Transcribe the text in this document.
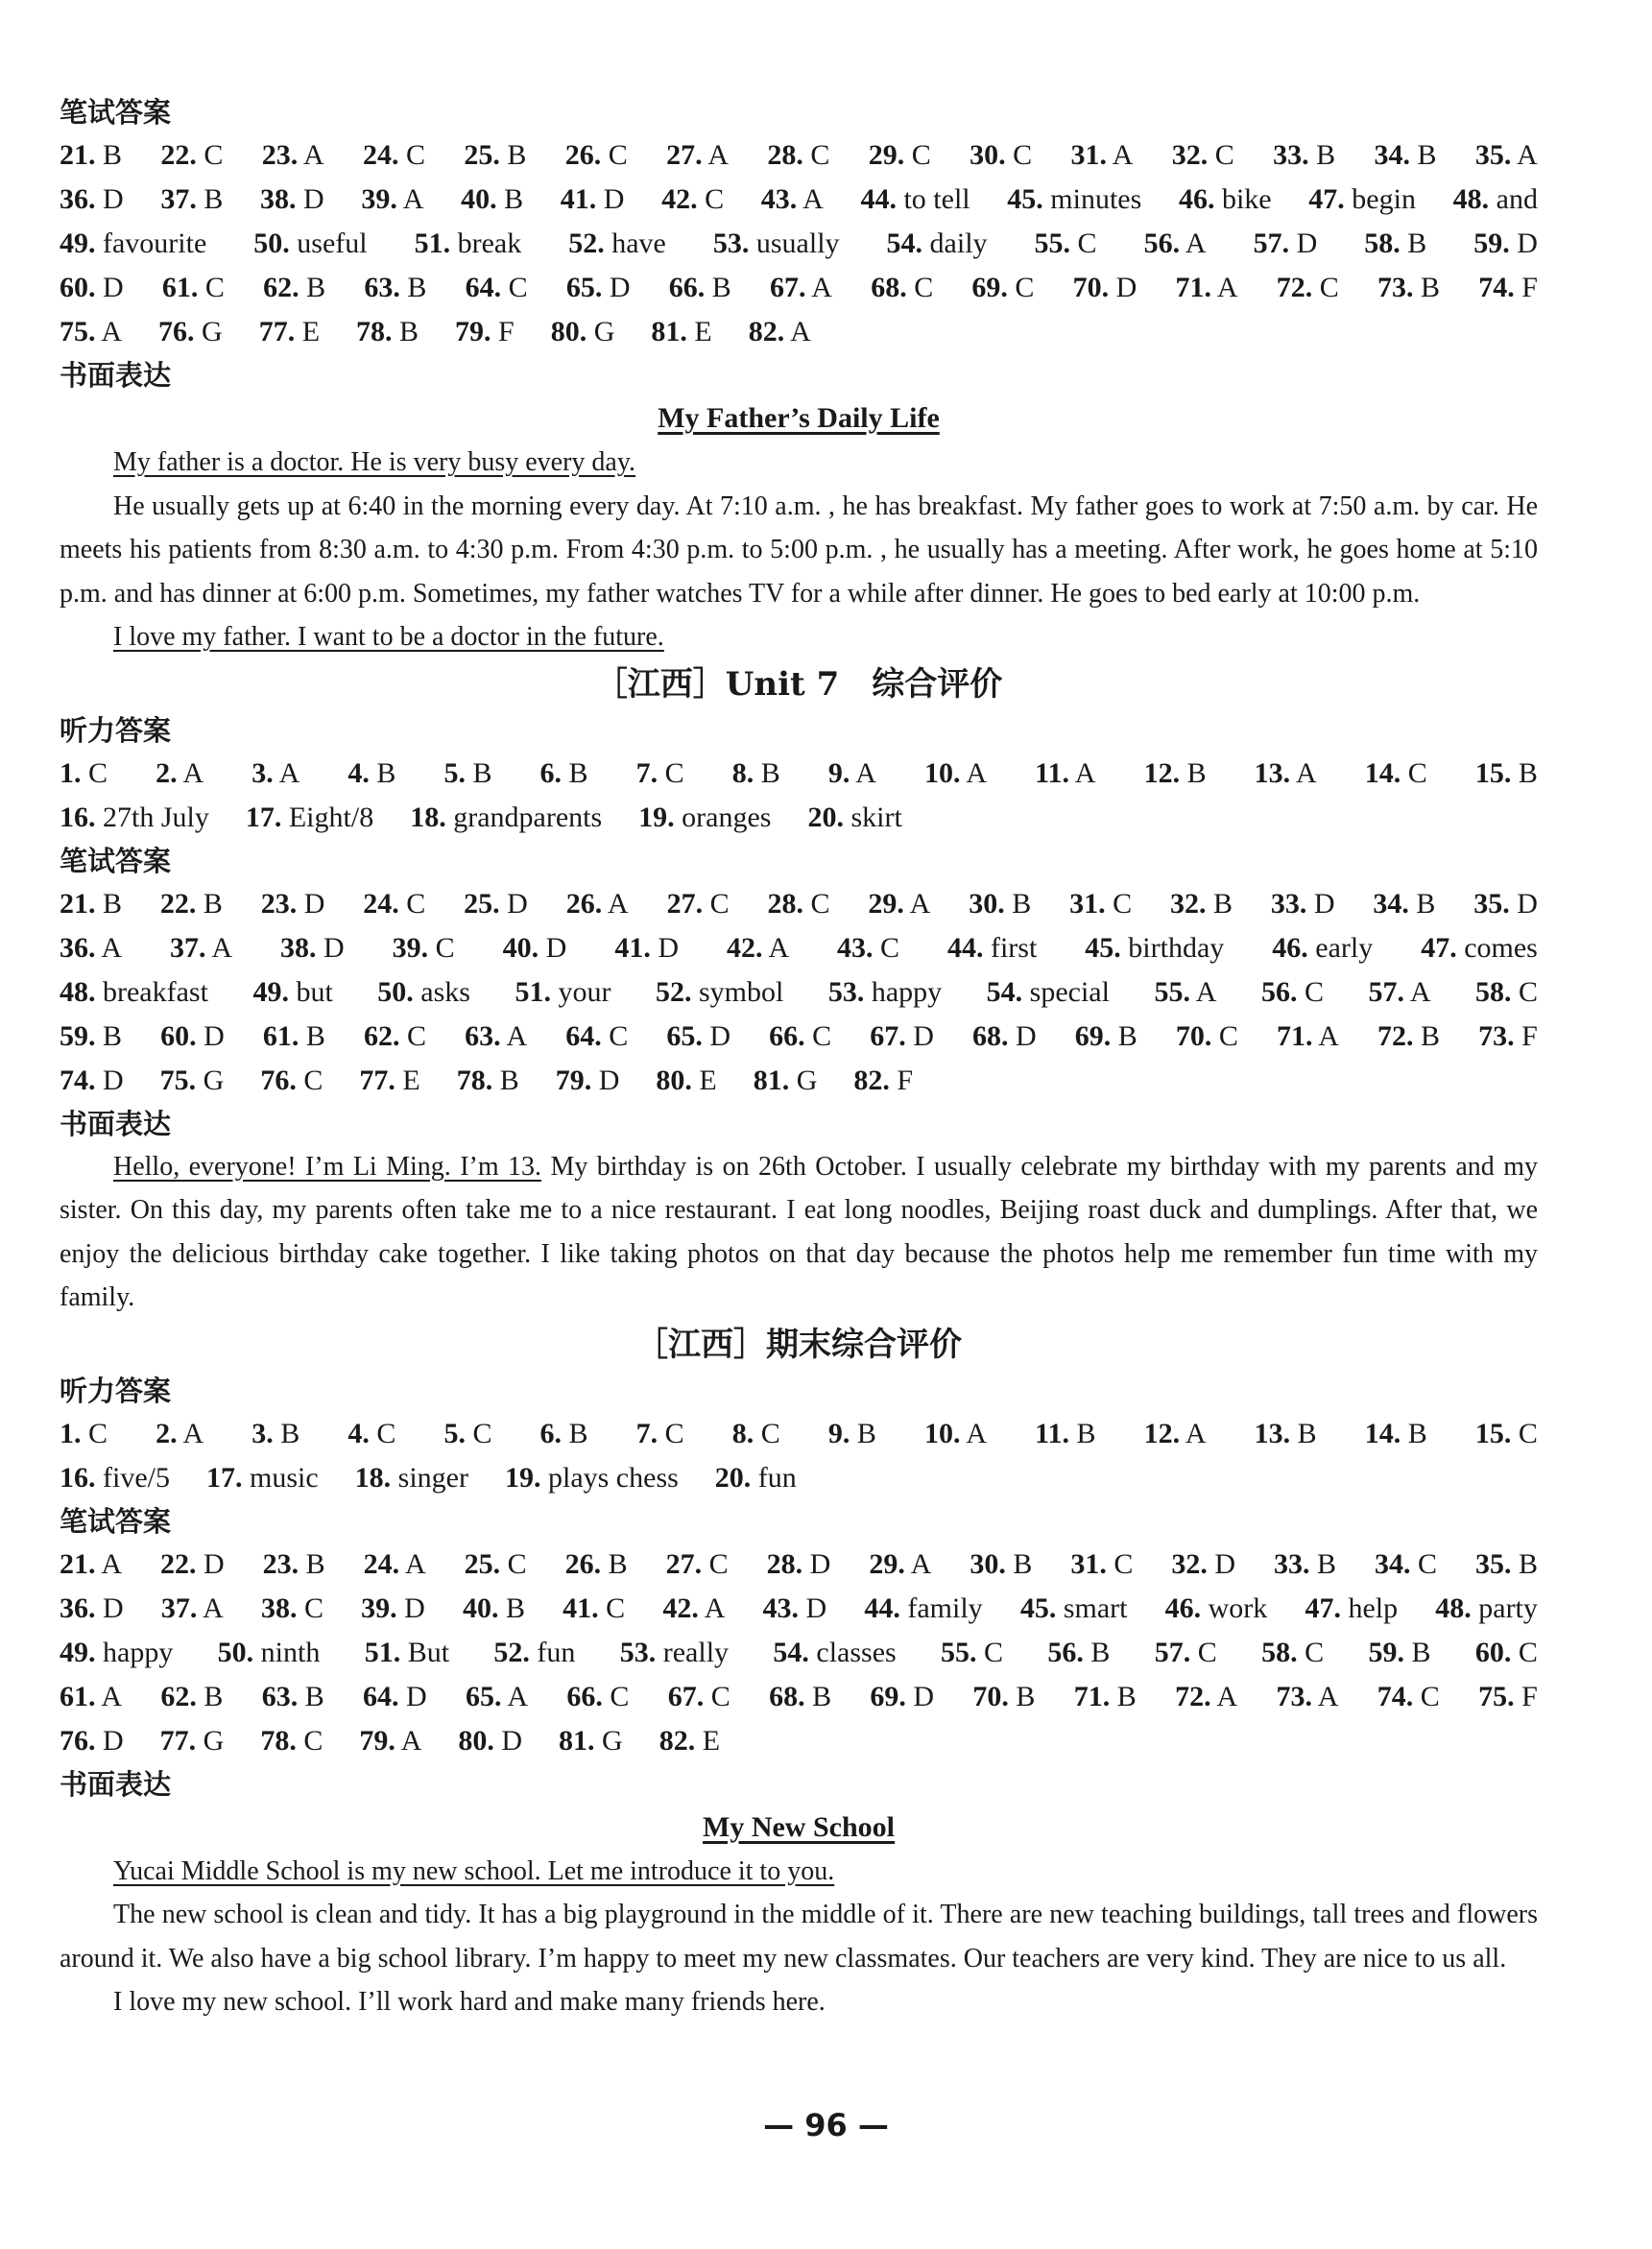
笔试答案
21. B 22. C 23. A 24. C 25. B 26. C 27. A 28. C 29. C 30. C 31. A 32. C 33. B 34. B 35. A
36. D 37. B 38. D 39. A 40. B 41. D 42. C 43. A 44. to tell 45. minutes 46. bike 47. begin 48. and
49. favourite 50. useful 51. break 52. have 53. usually 54. daily 55. C 56. A 57. D 58. B 59. D
60. D 61. C 62. B 63. B 64. C 65. D 66. B 67. A 68. C 69. C 70. D 71. A 72. C 73. B 74. F
75. A 76. G 77. E 78. B 79. F 80. G 81. E 82. A
书面表达
My Father’s Daily Life

My father is a doctor. He is very busy every day.

He usually gets up at 6:40 in the morning every day. At 7:10 a.m. , he has breakfast. My father goes to work at 7:50 a.m. by car. He meets his patients from 8:30 a.m. to 4:30 p.m. From 4:30 p.m. to 5:00 p.m. , he usually has a meeting. After work, he goes home at 5:10 p.m. and has dinner at 6:00 p.m. Sometimes, my father watches TV for a while after dinner. He goes to bed early at 10:00 p.m.

I love my father. I want to be a doctor in the future.

［江西］Unit 7　综合评价
听力答案
1. C 2. A 3. A 4. B 5. B 6. B 7. C 8. B 9. A 10. A 11. A 12. B 13. A 14. C 15. B
16. 27th July 17. Eight/8 18. grandparents 19. oranges 20. skirt
笔试答案
21. B 22. B 23. D 24. C 25. D 26. A 27. C 28. C 29. A 30. B 31. C 32. B 33. D 34. B 35. D
36. A 37. A 38. D 39. C 40. D 41. D 42. A 43. C 44. first 45. birthday 46. early 47. comes
48. breakfast 49. but 50. asks 51. your 52. symbol 53. happy 54. special 55. A 56. C 57. A 58. C
59. B 60. D 61. B 62. C 63. A 64. C 65. D 66. C 67. D 68. D 69. B 70. C 71. A 72. B 73. F
74. D 75. G 76. C 77. E 78. B 79. D 80. E 81. G 82. F
书面表达

Hello, everyone! I’m Li Ming. I’m 13. My birthday is on 26th October. I usually celebrate my birthday with my parents and my sister. On this day, my parents often take me to a nice restaurant. I eat long noodles, Beijing roast duck and dumplings. After that, we enjoy the delicious birthday cake together. I like taking photos on that day because the photos help me remember fun time with my family.

［江西］期末综合评价
听力答案
1. C 2. A 3. B 4. C 5. C 6. B 7. C 8. C 9. B 10. A 11. B 12. A 13. B 14. B 15. C
16. five/5 17. music 18. singer 19. plays chess 20. fun
笔试答案
21. A 22. D 23. B 24. A 25. C 26. B 27. C 28. D 29. A 30. B 31. C 32. D 33. B 34. C 35. B
36. D 37. A 38. C 39. D 40. B 41. C 42. A 43. D 44. family 45. smart 46. work 47. help 48. party
49. happy 50. ninth 51. But 52. fun 53. really 54. classes 55. C 56. B 57. C 58. C 59. B 60. C
61. A 62. B 63. B 64. D 65. A 66. C 67. C 68. B 69. D 70. B 71. B 72. A 73. A 74. C 75. F
76. D 77. G 78. C 79. A 80. D 81. G 82. E
书面表达
My New School

Yucai Middle School is my new school. Let me introduce it to you.

The new school is clean and tidy. It has a big playground in the middle of it. There are new teaching buildings, tall trees and flowers around it. We also have a big school library. I’m happy to meet my new classmates. Our teachers are very kind. They are nice to us all.

I love my new school. I’ll work hard and make many friends here.

— 96 —
